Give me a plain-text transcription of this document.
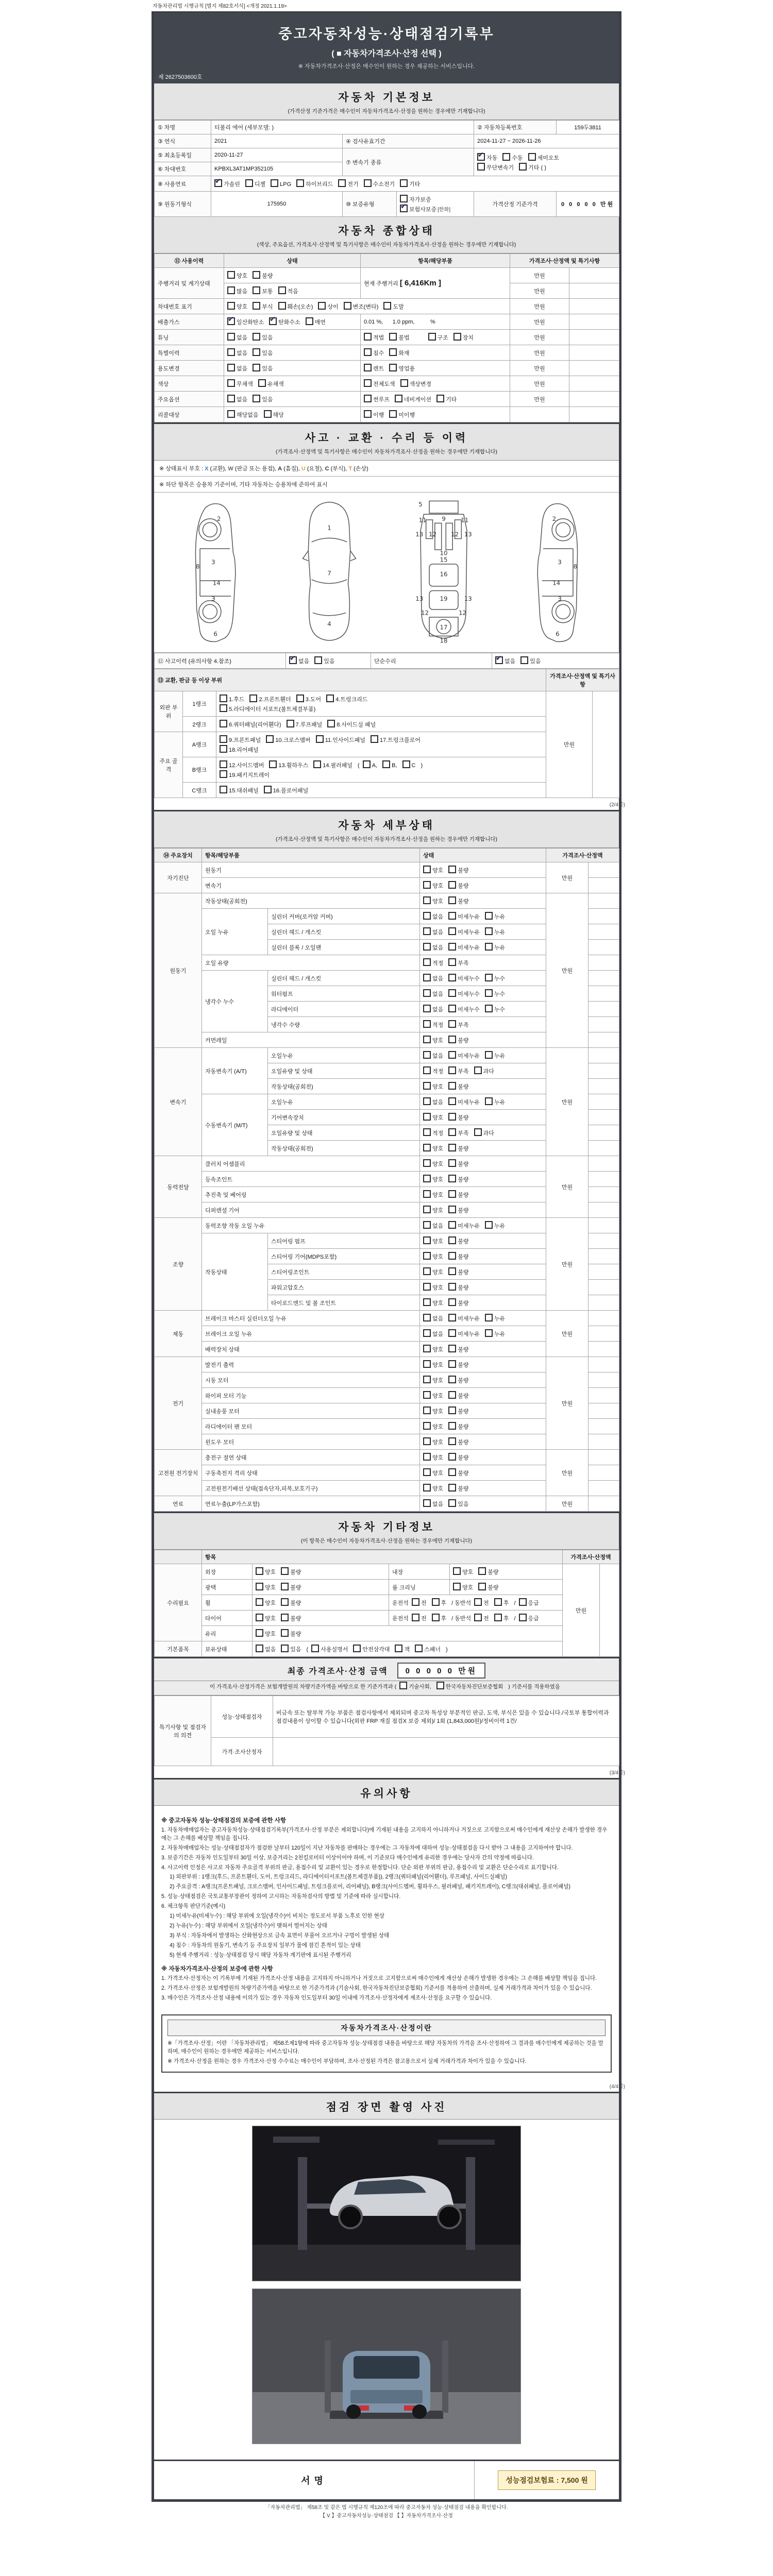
자동차관리법 시행규칙 [별지 제82호서식] <개정 2021.1.19>
중고자동차성능·상태점검기록부
( ■ 자동차가격조사·산정 선택 )
※ 자동차가격조사·산정은 매수인이 원하는 경우 제공하는 서비스입니다.
제 2627503600호
자동차 기본정보
(가격산정 기준가격은 매수인이 자동차가격조사·산정을 원하는 경우에만 기재합니다)
① 차명	티볼리 에어 (세부모델: )			② 자동차등록번호	159두3811
③ 연식	2021	④ 검사유효기간		2024-11-27 ~ 2026-11-26	
⑤ 최초등록일	2020-11-27	⑦ 변속기 종류	✔자동 수동 세미오토
무단변속기 기타 ( )
⑥ 차대번호	KPBXL3AT1MP352105				
⑧ 사용연료	✔가솔린 디젤 LPG 하이브리드 전기 수소전기 기타
⑨ 원동기형식	175950	⑩ 보증유형	자가보증✔보험사보증 [한화]	가격산정 기준가격	0 0 0 0 0 만원
자동차 종합상태
(색상, 주요옵션, 가격조사·산정액 및 특기사항은 매수인이 자동차가격조사·산정을 원하는 경우에만 기재합니다)
⑪ 사용이력	상태	항목/해당부품	가격조사·산정액 및 특기사항	
주행거리 및 계기상태	양호 불량	현재 주행거리 [ 6,416Km ]	만원	
	많음 보통 적음		만원	
차대번호 표기	양호 부식 훼손(오손) 상이 변조(변타) 도말		만원	
배출가스	✔일산화탄소 ✔ 탄화수소 매연	0.01 %,      1.0 ppm,          %	만원	
튜닝	없음 있음	적법 불법 구조 장치	만원	
특별이력	없음 있음	침수 화재	만원	
용도변경	없음 있음	렌트 영업용	만원	
색상	무채색 유채색	전체도색 색상변경	만원	
주요옵션	없음 있음	썬루프 네비게이션 기타	만원	
리콜대상	해당없음 해당	이행 미이행		
사고 · 교환 · 수리 등 이력
(가격조사·산정액 및 특기사항은 매수인이 자동차가격조사·산정을 원하는 경우에만 기재합니다)
※ 상태표시 부호 : X (교환), W (판금 또는 용접), A (흠집), U (요철), C (부식), T (손상)
※ 하단 항목은 승용차 기준이며, 기타 자동차는 승용차에 준하여 표시
2
8
3
14
3
6
1
7
4
5
11	9	11
13 12	12 13
10
15
16
13	19	13
12
17
12
18
2
3
8
14
3
6
⑫ 사고이력 (유의사항 4.참조)	✔없음	있음	단순수리	✔없음	있음
⑬ 교환, 판금 등 이상 부위			가격조사·산정액 및 특기사항	
외판 부위	1랭크	1.후드 2.프론트휀더 3.도어 4.트렁크리드
5.라디에이터 서포트(볼트체결부품)	만원	
	2랭크	6.쿼터패널(리어휀다) 7.루프패널 8.사이드실 패널		
주요 골격	A랭크	9.프론트패널 10.크로스멤버 11.인사이드패널 17.트렁크플로어
18.리어패널		
	B랭크	12.사이드멤버 13.휠하우스 14.필러패널 ( A, B, C )
19.패키지트레이		
	C랭크	15.대쉬패널 16.플로어패널		
(2/4쪽)
자동차 세부상태
(가격조사·산정액 및 특기사항은 매수인이 자동차가격조사·산정을 원하는 경우에만 기재합니다)
⑭ 주요장치	항목/해당부품		상태	가격조사·산정액	
자기진단	원동기		양호 불량	만원	
	변속기		양호 불량		
원동기	작동상태(공회전)		양호 불량	만원	
	오일 누유	실린더 커버(로커암 커버)	없음 미세누유 누유		
		실린더 헤드 / 개스킷	없음 미세누유 누유		
		실린더 블록 / 오일팬	없음 미세누유 누유		
	오일 유량		적정 부족		
	냉각수 누수	실린더 헤드 / 개스킷	없음 미세누수 누수		
		워터펌프	없음 미세누수 누수		
		라디에이터	없음 미세누수 누수		
		냉각수 수량	적정 부족		
	커먼레일		양호 불량		
변속기	자동변속기 (A/T)	오일누유	없음 미세누유 누유	만원	
		오일유량 및 상태	적정 부족 과다		
		작동상태(공회전)	양호 불량		
	수동변속기 (M/T)	오일누유	없음 미세누유 누유		
		기어변속장치	양호 불량		
		오일유량 및 상태	적정 부족 과다		
		작동상태(공회전)	양호 불량		
동력전달	클러치 어셈블리		양호 불량	만원	
	등속조인트		양호 불량		
	추진축 및 베어링		양호 불량		
	디퍼렌셜 기어		양호 불량		
조향	동력조향 작동 오일 누유		없음 미세누유 누유	만원	
	작동상태	스티어링 펌프	양호 불량		
		스티어링 기어(MDPS포함)	양호 불량		
		스티어링조인트	양호 불량		
		파워고압호스	양호 불량		
		타이로드엔드 및 볼 조인트	양호 불량		
제동	브레이크 마스터 실린더오일 누유		없음 미세누유 누유	만원	
	브레이크 오일 누유		없음 미세누유 누유		
	배력장치 상태		양호 불량		
전기	발전기 출력		양호 불량	만원	
	시동 모터		양호 불량		
	와이퍼 모터 기능		양호 불량		
	실내송풍 모터		양호 불량		
	라디에이터 팬 모터		양호 불량		
	윈도우 모터		양호 불량		
고전원 전기장치	충전구 절연 상태		양호 불량	만원	
	구동축전지 격리 상태		양호 불량		
	고전원전기배선 상태(접속단자,피복,보호기구)		양호 불량		
연료	연료누출(LP가스포함)		없음 있음	만원	
자동차 기타정보
(이 항목은 매수인이 자동차가격조사·산정을 원하는 경우에만 기재합니다)
	항목				가격조사·산정액	
수리필요	외장	양호 불량	내장	양호 불량	만원	
	광택	양호 불량	룸 크리닝	양호 불량		
	휠	양호 불량	운전석 전 후 / 동반석 전 후 / 응급			
	타이어	양호 불량	운전석 전 후 / 동반석 전 후 / 응급			
	유리	양호 불량				
기본품목	보유상태	없음 있음 ( 사용설명서 안전삼각대 잭 스패너 )				
최종 가격조사·산정 금액	0 0 0 0 0 만원
이 가격조사·산정가격은 보험개발원의 차량기준가액을 바탕으로 한 기준가격과 ( 기술사회,	한국자동차진단보증협회 ) 기준서를 적용하였음
특기사항 및 점검자의 의견	성능·상태점검자	비금속 또는 탈부착 가능 부품은 점검사항에서 제외되며 중고차 특성상 부분적인 판금, 도색, 부식은 있을 수 있습니다./국토부 통합이력과 점검내용이 상이할 수 있습니다(외판 FRP 재질 점검X 보증 제외)/ 1회 (1,843,000원)/정비이력 1건/
	가격·조사산정자	
(3/4쪽)
유의사항
※ 중고자동차 성능·상태점검의 보증에 관한 사항
1. 자동차매매업자는 중고자동차성능·상태점검기록부(가격조사·산정 부분은 제외합니다)에 기재된 내용을 고지하지 아니하거나 거짓으로 고지함으로써 매수인에게 재산상 손해가 발생한 경우에는 그 손해를 배상할 책임을 집니다.
2. 자동차매매업자는 성능·상태점검자가 점검한 날부터 120일이 지난 자동차를 판매하는 경우에는 그 자동차에 대하여 성능·상태점검을 다시 받아 그 내용을 고지하여야 합니다.
3. 보증기간은 자동차 인도일부터 30일 이상, 보증거리는 2천킬로미터 이상이어야 하며, 이 기준보다 매수인에게 유리한 경우에는 당사자 간의 약정에 따릅니다.
4. 사고이력 인정은 사고로 자동차 주요골격 부위의 판금, 용접수리 및 교환이 있는 경우로 한정합니다. 단순 외판 부위의 판금, 용접수리 및 교환은 단순수리로 표기합니다.
1) 외판부위 : 1랭크(후드, 프론트휀더, 도어, 트렁크리드, 라디에이터서포트(볼트체결부품)), 2랭크(쿼터패널(리어휀더), 루프패널, 사이드실패널)
2) 주요골격 : A랭크(프론트패널, 크로스멤버, 인사이드패널, 트렁크플로어, 리어패널), B랭크(사이드멤버, 휠하우스, 필러패널, 패키지트레이), C랭크(대쉬패널, 플로어패널)
5. 성능·상태점검은 국토교통부장관이 정하여 고시하는 자동차검사의 방법 및 기준에 따라 실시합니다.
6. 체크항목 판단기준(예시)
1) 미세누유(미세누수) : 해당 부위에 오일(냉각수)이 비치는 정도로서 부품 노후로 인한 현상
2) 누유(누수) : 해당 부위에서 오일(냉각수)이 맺혀서 떨어지는 상태
3) 부식 : 자동차에서 발생하는 산화현상으로 금속 표면이 부풀어 오르거나 구멍이 발생된 상태
4) 침수 : 자동차의 원동기, 변속기 등 주요장치 일부가 물에 잠긴 흔적이 있는 상태
5) 현재 주행거리 : 성능·상태점검 당시 해당 자동차 계기판에 표시된 주행거리
※ 자동차가격조사·산정의 보증에 관한 사항
1. 가격조사·산정자는 이 기록부에 기재된 가격조사·산정 내용을 고지하지 아니하거나 거짓으로 고지함으로써 매수인에게 재산상 손해가 발생한 경우에는 그 손해를 배상할 책임을 집니다.
2. 가격조사·산정은 보험개발원의 차량기준가액을 바탕으로 한 기준가격과 (기술사회, 한국자동차진단보증협회) 기준서를 적용하여 산출하며, 실제 거래가격과 차이가 있을 수 있습니다.
3. 매수인은 가격조사·산정 내용에 이의가 있는 경우 자동차 인도일부터 30일 이내에 가격조사·산정자에게 재조사·산정을 요구할 수 있습니다.
자동차가격조사·산정이란
※「가격조사·산정」이란 「자동차관리법」 제58조제1항에 따라 중고자동차 성능·상태점검 내용을 바탕으로 해당 자동차의 가격을 조사·산정하여 그 결과를 매수인에게 제공하는 것을 말하며, 매수인이 원하는 경우에만 제공하는 서비스입니다.
※ 가격조사·산정을 원하는 경우 가격조사·산정 수수료는 매수인이 부담하며, 조사·산정된 가격은 참고용으로서 실제 거래가격과 차이가 있을 수 있습니다.
(4/4쪽)
점검 장면 촬영 사진
서명	성능점검보험료 : 7,500 원
「자동차관리법」 제58조 및 같은 법 시행규칙 제120조에 따라 중고자동차 성능·상태점검 내용을 확인합니다.
【 V 】중고자동차성능·상태점검 【 】자동차가격조사·산정
